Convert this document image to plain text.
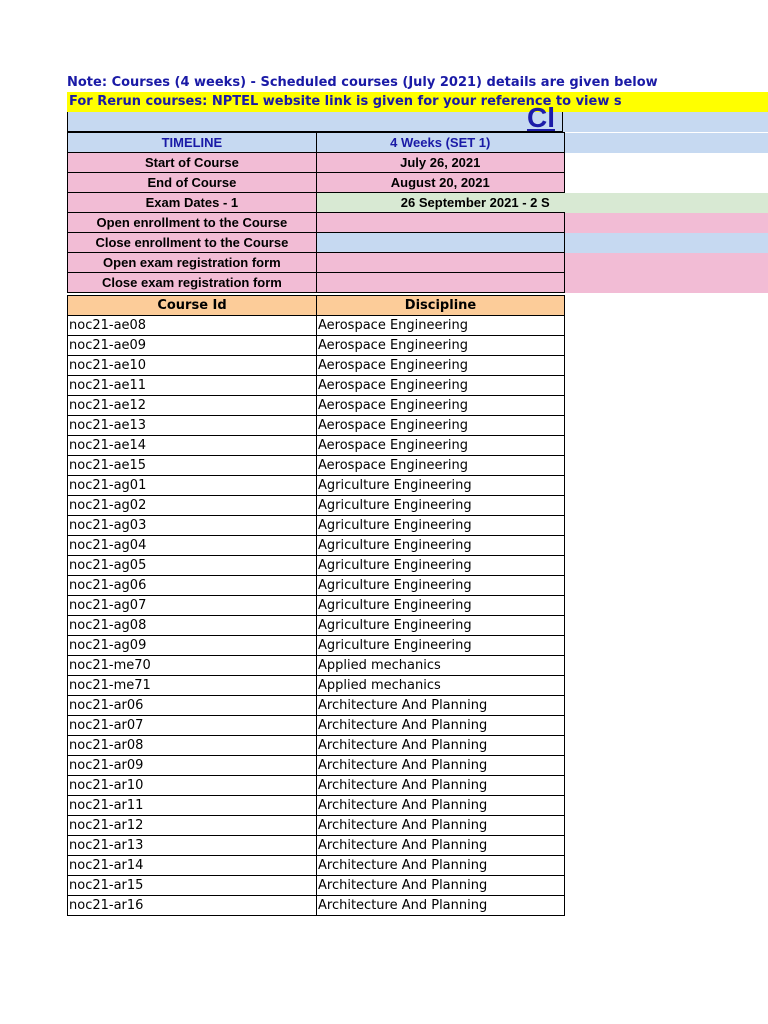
Note: Courses (4 weeks) - Scheduled courses (July 2021) details are given below
For Rerun courses: NPTEL website link is given for your reference to view s
Cl
TIMELINE	4 Weeks (SET 1)	
Start of Course	July 26, 2021	
End of Course	August 20, 2021	
Exam Dates - 1	26 September 2021 - 2 S	
Open enrollment to the Course		
Close enrollment to the Course		
Open exam registration form		
Close exam registration form		
Course Id	Discipline
noc21-ae08	Aerospace Engineering
noc21-ae09	Aerospace Engineering
noc21-ae10	Aerospace Engineering
noc21-ae11	Aerospace Engineering
noc21-ae12	Aerospace Engineering
noc21-ae13	Aerospace Engineering
noc21-ae14	Aerospace Engineering
noc21-ae15	Aerospace Engineering
noc21-ag01	Agriculture Engineering
noc21-ag02	Agriculture Engineering
noc21-ag03	Agriculture Engineering
noc21-ag04	Agriculture Engineering
noc21-ag05	Agriculture Engineering
noc21-ag06	Agriculture Engineering
noc21-ag07	Agriculture Engineering
noc21-ag08	Agriculture Engineering
noc21-ag09	Agriculture Engineering
noc21-me70	Applied mechanics
noc21-me71	Applied mechanics
noc21-ar06	Architecture And Planning
noc21-ar07	Architecture And Planning
noc21-ar08	Architecture And Planning
noc21-ar09	Architecture And Planning
noc21-ar10	Architecture And Planning
noc21-ar11	Architecture And Planning
noc21-ar12	Architecture And Planning
noc21-ar13	Architecture And Planning
noc21-ar14	Architecture And Planning
noc21-ar15	Architecture And Planning
noc21-ar16	Architecture And Planning
